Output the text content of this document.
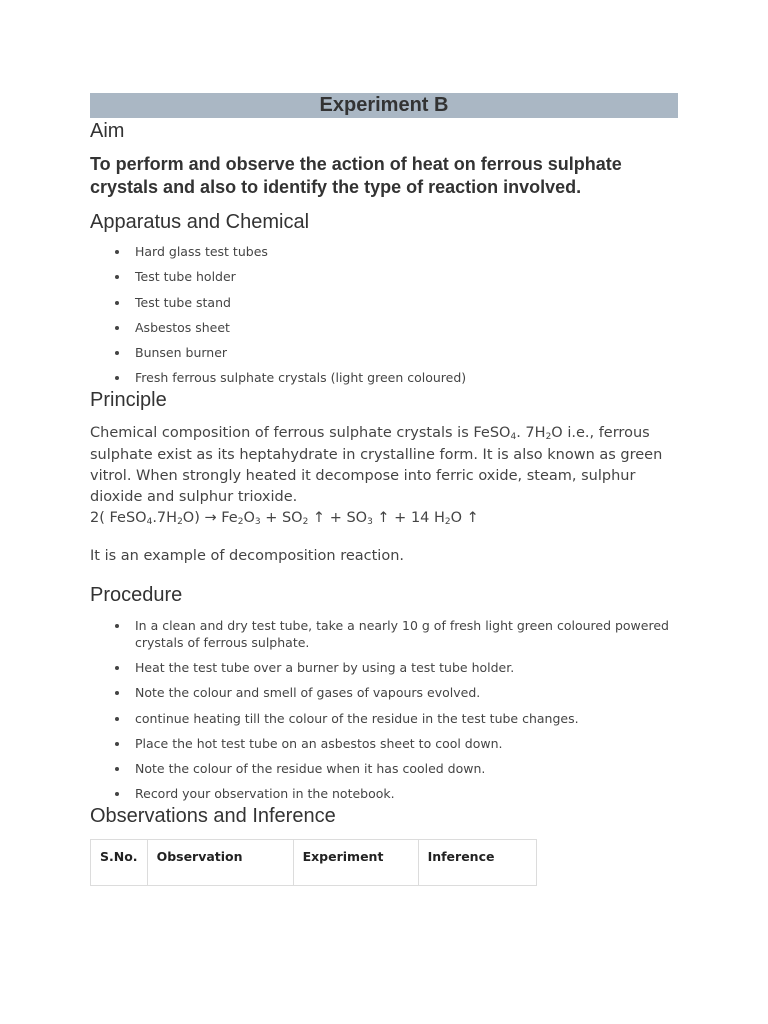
Experiment B
Aim

To perform and observe the action of heat on ferrous sulphate crystals and also to identify the type of reaction involved.

Apparatus and Chemical
Hard glass test tubes
Test tube holder
Test tube stand
Asbestos sheet
Bunsen burner
Fresh ferrous sulphate crystals (light green coloured)
Principle

Chemical composition of ferrous sulphate crystals is FeSO$_4$. $7H_2O$ i.e., ferrous sulphate exist as its heptahydrate in crystalline form. It is also known as green vitrol. When strongly heated it decompose into ferric oxide, steam, sulphur dioxide and sulphur trioxide.

2( $FeSO_4.7H_2O) \to Fe_2O_3 + SO_2$ ↑ + $SO_3$ ↑ + 14 $H_2O$ ↑

It is an example of decomposition reaction.

Procedure
In a clean and dry test tube, take a nearly 10 g of fresh light green coloured powered crystals of ferrous sulphate.
Heat the test tube over a burner by using a test tube holder.
Note the colour and smell of gases of vapours evolved.
continue heating till the colour of the residue in the test tube changes.
Place the hot test tube on an asbestos sheet to cool down.
Note the colour of the residue when it has cooled down.
Record your observation in the notebook.
Observations and Inference
S.No.	Observation	Experiment	Inference
